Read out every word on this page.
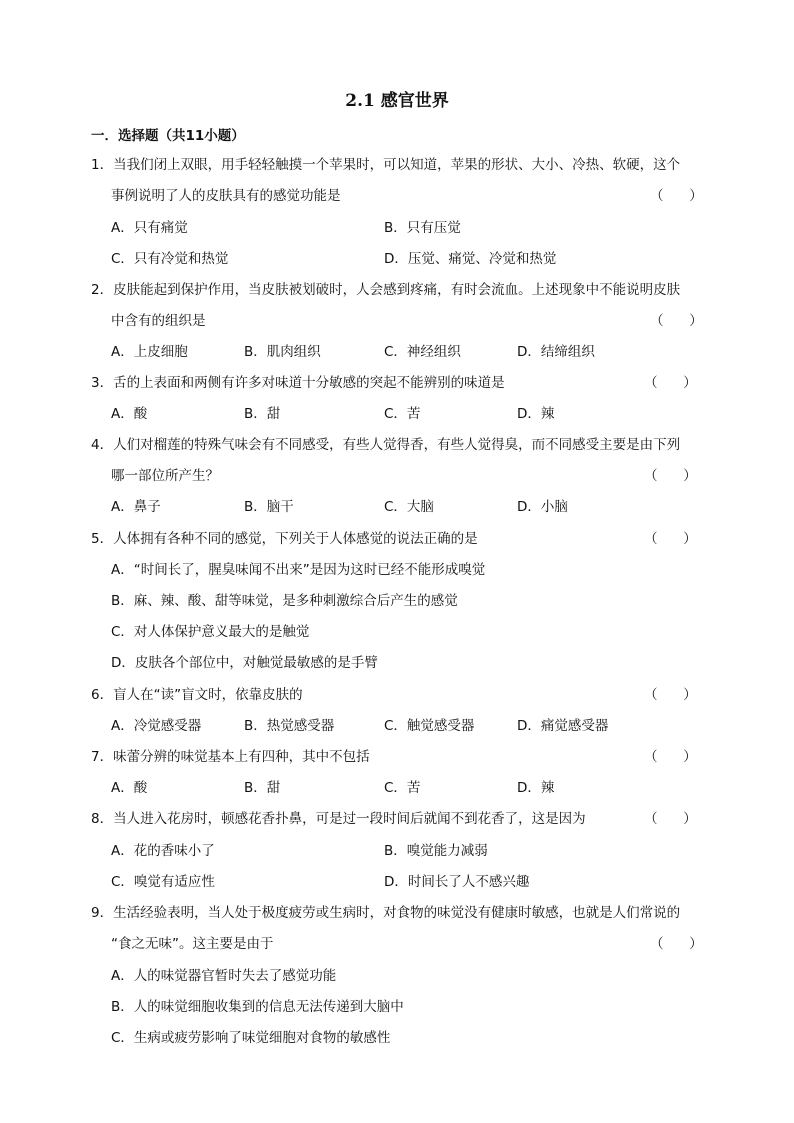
2.1 感官世界
一．选择题（共11小题）
1．当我们闭上双眼，用手轻轻触摸一个苹果时，可以知道，苹果的形状、大小、冷热、软硬，这个
事例说明了人的皮肤具有的感觉功能是	（      ）
A．只有痛觉	B．只有压觉
C．只有冷觉和热觉	D．压觉、痛觉、冷觉和热觉
2．皮肤能起到保护作用，当皮肤被划破时，人会感到疼痛，有时会流血。上述现象中不能说明皮肤
中含有的组织是	（      ）
A．上皮细胞	B．肌肉组织	C．神经组织	D．结缔组织
3．舌的上表面和两侧有许多对味道十分敏感的突起不能辨别的味道是	（      ）
A．酸	B．甜	C．苦	D．辣
4．人们对榴莲的特殊气味会有不同感受，有些人觉得香，有些人觉得臭，而不同感受主要是由下列
哪一部位所产生？	（      ）
A．鼻子	B．脑干	C．大脑	D．小脑
5．人体拥有各种不同的感觉，下列关于人体感觉的说法正确的是	（      ）
A．“时间长了，腥臭味闻不出来”是因为这时已经不能形成嗅觉
B．麻、辣、酸、甜等味觉，是多种刺激综合后产生的感觉
C．对人体保护意义最大的是触觉
D．皮肤各个部位中，对触觉最敏感的是手臂
6．盲人在“读”盲文时，依靠皮肤的	（      ）
A．冷觉感受器	B．热觉感受器	C．触觉感受器	D．痛觉感受器
7．味蕾分辨的味觉基本上有四种，其中不包括	（      ）
A．酸	B．甜	C．苦	D．辣
8．当人进入花房时，顿感花香扑鼻，可是过一段时间后就闻不到花香了，这是因为	（      ）
A．花的香味小了	B．嗅觉能力减弱
C．嗅觉有适应性	D．时间长了人不感兴趣
9．生活经验表明，当人处于极度疲劳或生病时，对食物的味觉没有健康时敏感，也就是人们常说的
“食之无味”。这主要是由于	（      ）
A．人的味觉器官暂时失去了感觉功能
B．人的味觉细胞收集到的信息无法传递到大脑中
C．生病或疲劳影响了味觉细胞对食物的敏感性
